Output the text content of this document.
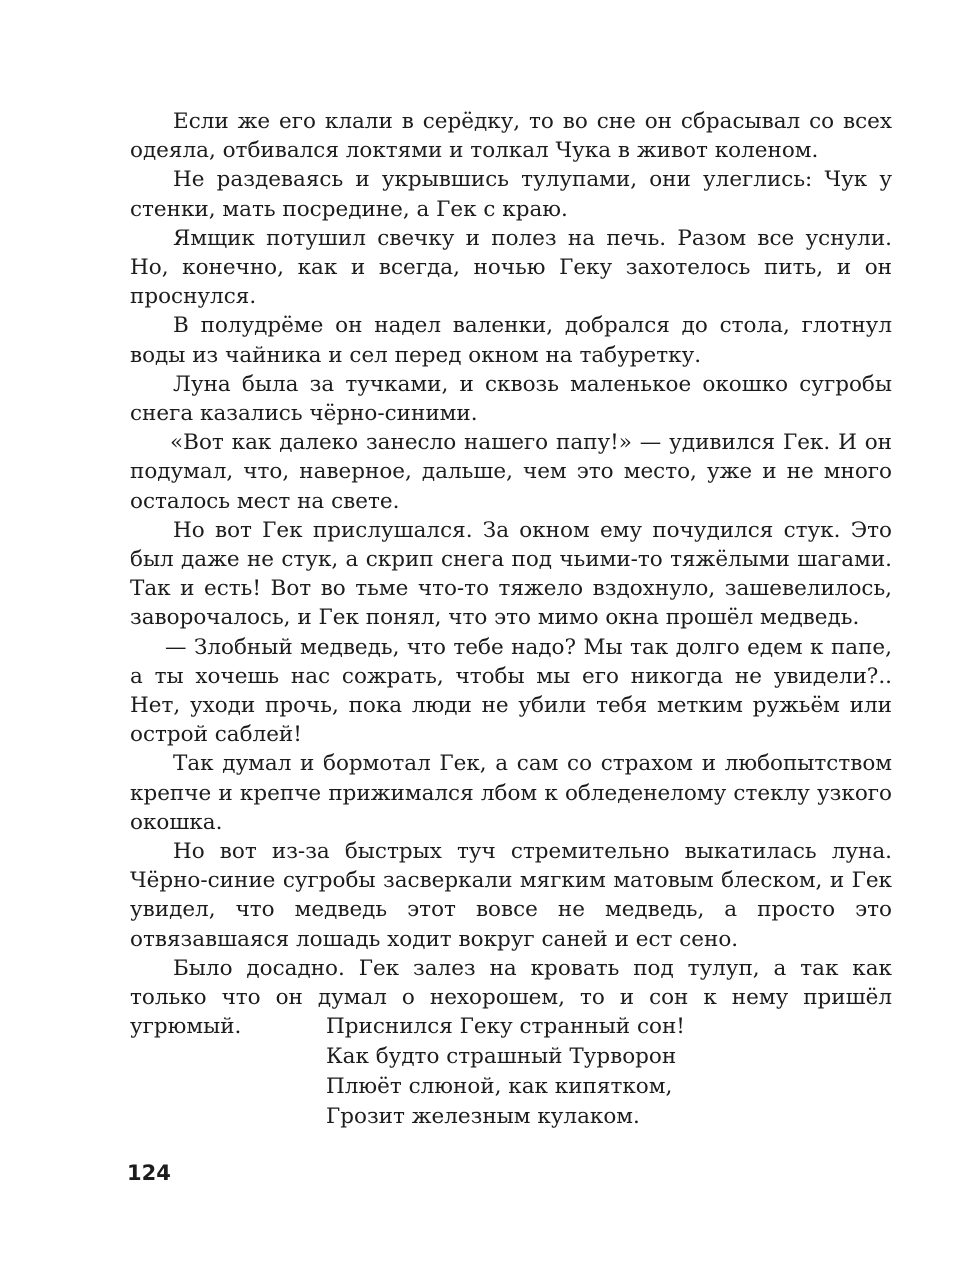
Если же его клали в серёдку, то во сне он сбрасывал со всех одеяла, отбивался локтями и толкал Чука в живот коленом.

Не раздеваясь и укрывшись тулупами, они улеглись: Чук у стенки, мать посредине, а Гек с краю.

Ямщик потушил свечку и полез на печь. Разом все уснули. Но, конечно, как и всегда, ночью Геку захотелось пить, и он проснулся.

В полудрёме он надел валенки, добрался до стола, глотнул воды из чайника и сел перед окном на табуретку.

Луна была за тучками, и сквозь маленькое окошко сугробы снега казались чёрно-синими.

«Вот как далеко занесло нашего папу!» — удивился Гек. И он подумал, что, наверное, дальше, чем это место, уже и не много осталось мест на свете.

Но вот Гек прислушался. За окном ему почудился стук. Это был даже не стук, а скрип снега под чьими-то тяжёлыми шагами. Так и есть! Вот во тьме что-то тяжело вздохнуло, зашевелилось, заворочалось, и Гек понял, что это мимо окна прошёл медведь.

— Злобный медведь, что тебе надо? Мы так долго едем к папе, а ты хочешь нас сожрать, чтобы мы его никогда не увидели?.. Нет, уходи прочь, пока люди не убили тебя метким ружьём или острой саблей!

Так думал и бормотал Гек, а сам со страхом и любопытством крепче и крепче прижимался лбом к обледенелому стеклу узкого окошка.

Но вот из-за быстрых туч стремительно выкатилась луна. Чёрно-синие сугробы засверкали мягким матовым блеском, и Гек увидел, что медведь этот вовсе не медведь, а просто это отвязавшаяся лошадь ходит вокруг саней и ест сено.

Было досадно. Гек залез на кровать под тулуп, а так как только что он думал о нехорошем, то и сон к нему пришёл угрюмый.	Приснился Геку странный сон!
Как будто страшный Турворон
Плюёт слюной, как кипятком,
Грозит железным кулаком.
124
